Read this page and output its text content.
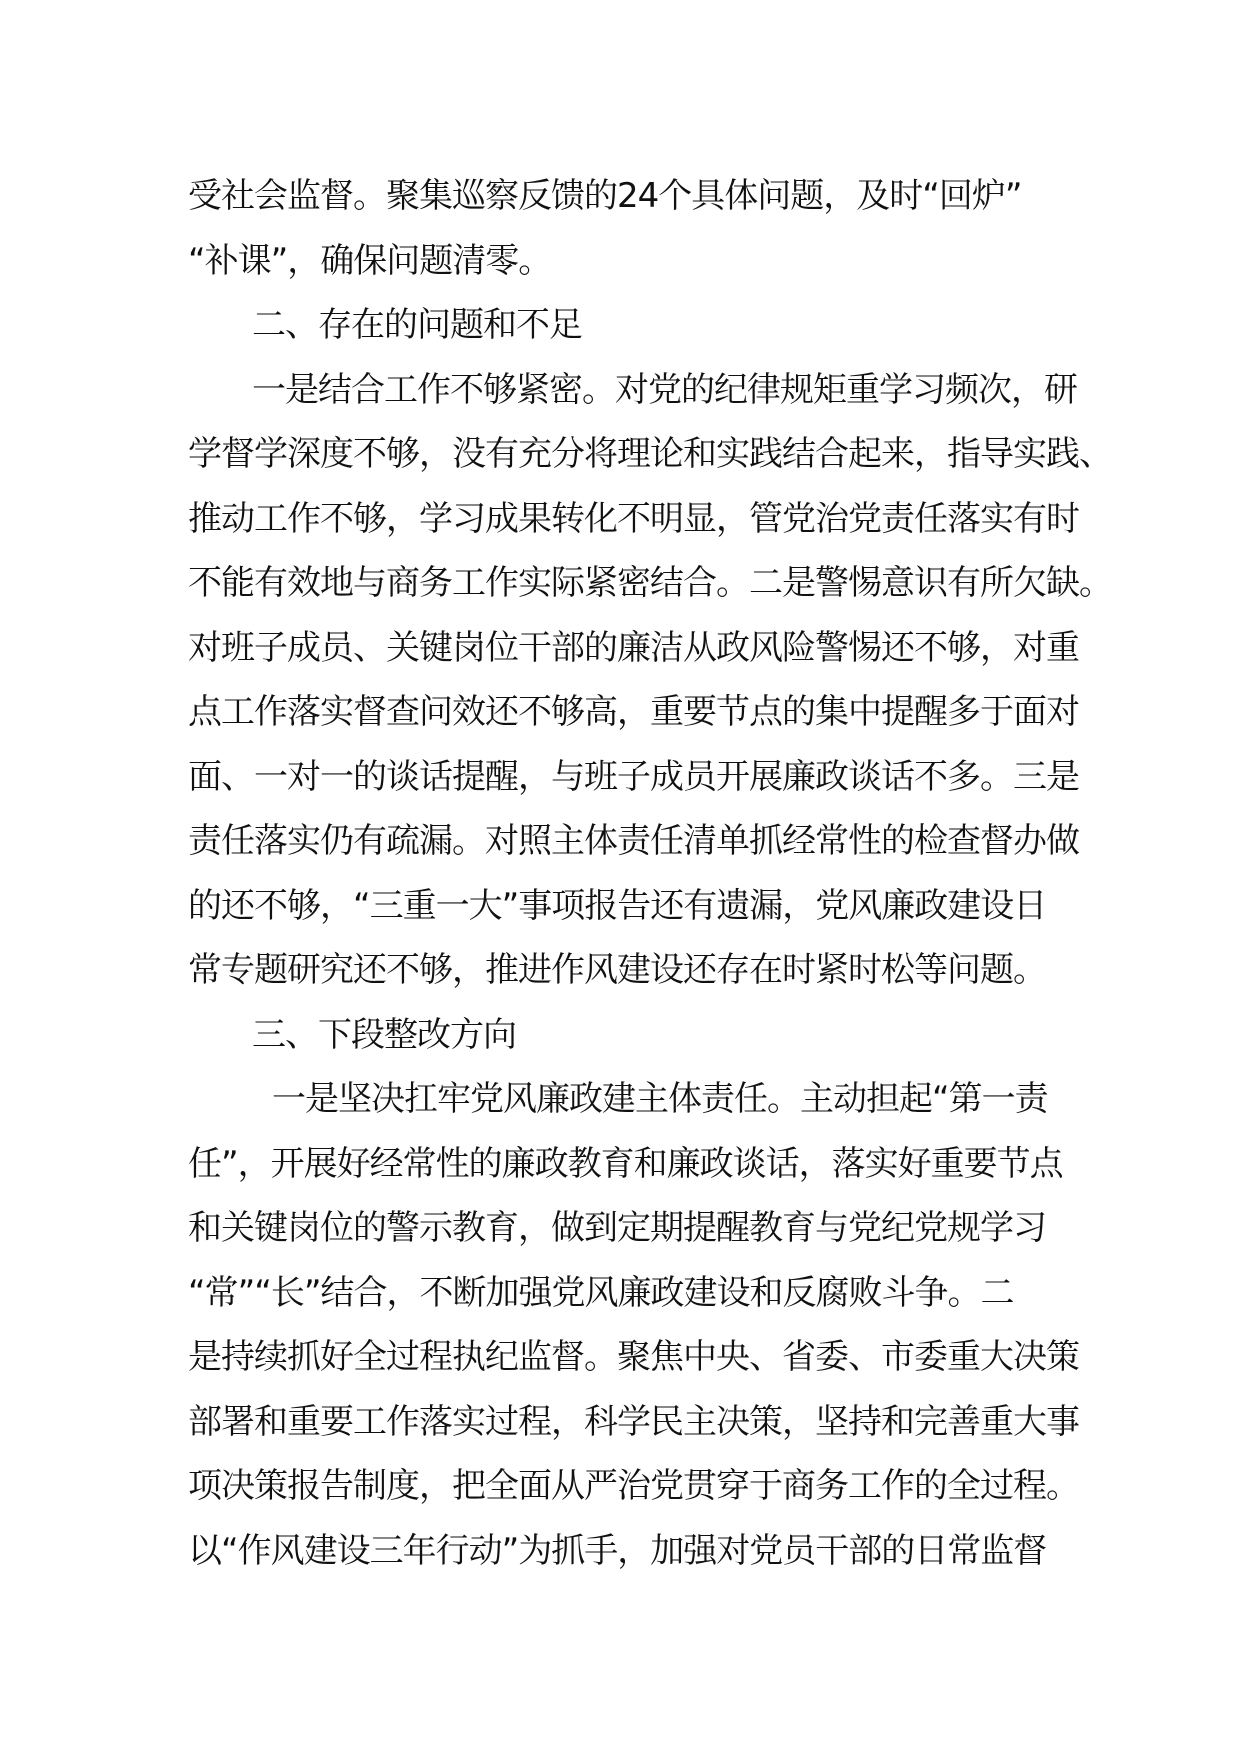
受社会监督。聚集巡察反馈的24个具体问题，及时“回炉”
“补课”，确保问题清零。
二、存在的问题和不足
一是结合工作不够紧密。对党的纪律规矩重学习频次，研
学督学深度不够，没有充分将理论和实践结合起来，指导实践、
推动工作不够，学习成果转化不明显，管党治党责任落实有时
不能有效地与商务工作实际紧密结合。二是警惕意识有所欠缺。
对班子成员、关键岗位干部的廉洁从政风险警惕还不够，对重
点工作落实督查问效还不够高，重要节点的集中提醒多于面对
面、一对一的谈话提醒，与班子成员开展廉政谈话不多。三是
责任落实仍有疏漏。对照主体责任清单抓经常性的检查督办做
的还不够，“三重一大”事项报告还有遗漏，党风廉政建设日
常专题研究还不够，推进作风建设还存在时紧时松等问题。
三、下段整改方向
一是坚决扛牢党风廉政建主体责任。主动担起“第一责
任”，开展好经常性的廉政教育和廉政谈话，落实好重要节点
和关键岗位的警示教育，做到定期提醒教育与党纪党规学习
“常”“长”结合，不断加强党风廉政建设和反腐败斗争。二
是持续抓好全过程执纪监督。聚焦中央、省委、市委重大决策
部署和重要工作落实过程，科学民主决策，坚持和完善重大事
项决策报告制度，把全面从严治党贯穿于商务工作的全过程。
以“作风建设三年行动”为抓手，加强对党员干部的日常监督
